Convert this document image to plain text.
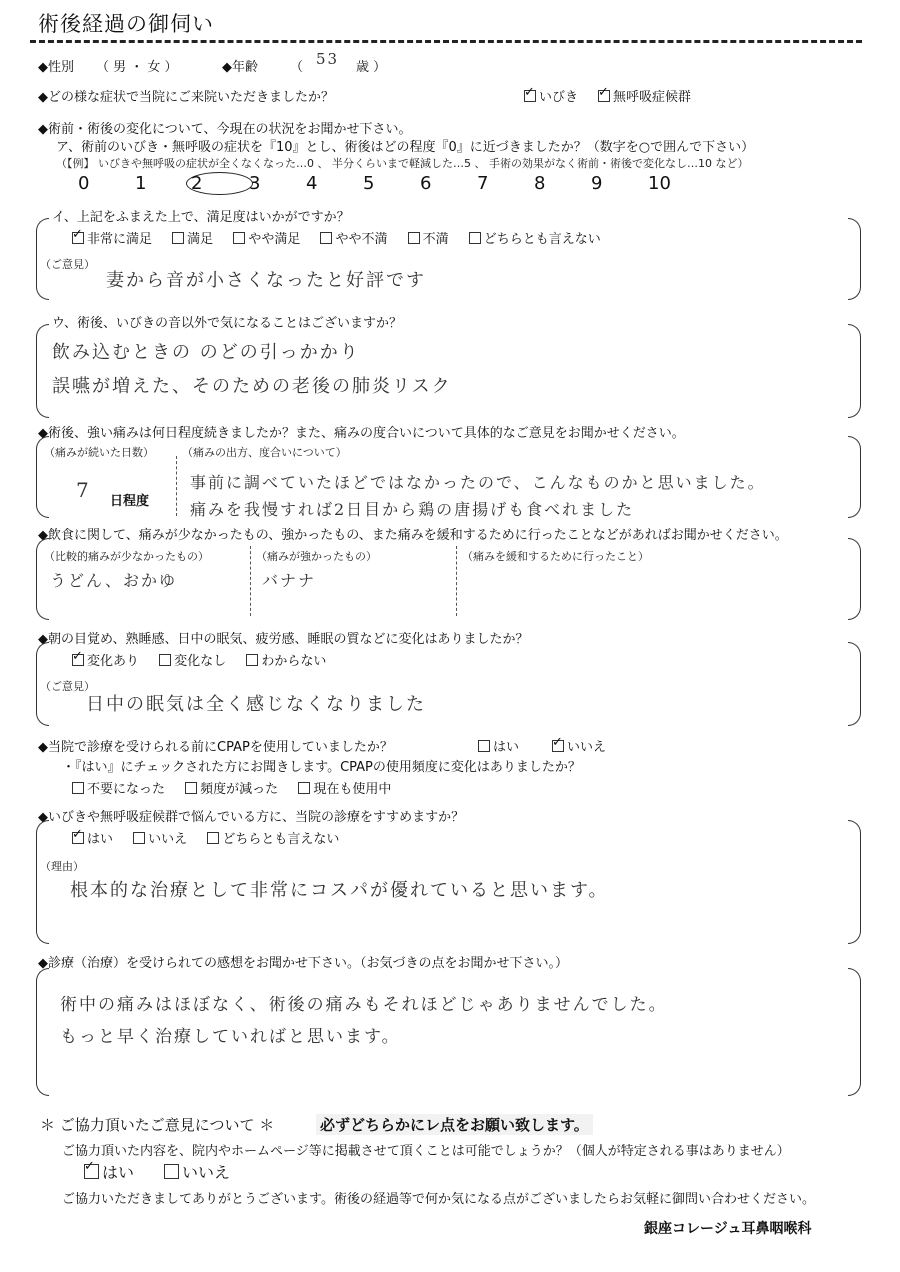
術後経過の御伺い
◆性別 （ 男 ・ 女 ）	◆年齢 （ 53 歳 ）
◆どの様な症状で当院にご来院いただきましたか？ ✓	いびき ✓	無呼吸症候群
◆術前・術後の変化について、今現在の状況をお聞かせ下さい。
ア、術前のいびき・無呼吸の症状を『10』とし、術後はどの程度『0』に近づきましたか？（数字を○で囲んで下さい）
（【例】 いびきや無呼吸の症状が全くなくなった…0 、 半分くらいまで軽減した…5 、 手術の効果がなく術前・術後で変化なし…10 など）
0	1 2	3	4	5	6	7	8	9	10
イ、上記をふまえた上で、満足度はいかがですか？
✓非常に満足	満足	やや満足	やや不満	不満	どちらとも言えない
（ご意見）
妻から音が小さくなったと好評です
ウ、術後、いびきの音以外で気になることはございますか？
飲み込むときの のどの引っかかり
誤嚥が増えた、そのための老後の肺炎リスク
◆術後、強い痛みは何日程度続きましたか？また、痛みの度合いについて具体的なご意見をお聞かせください。
（痛みが続いた日数）
7 日程度
（痛みの出方、度合いについて）
事前に調べていたほどではなかったので、こんなものかと思いました。
痛みを我慢すれば2日目から鶏の唐揚げも食べれました
◆飲食に関して、痛みが少なかったもの、強かったもの、また痛みを緩和するために行ったことなどがあればお聞かせください。
（比較的痛みが少なかったもの）
うどん、おかゆ
（痛みが強かったもの）
バナナ
（痛みを緩和するために行ったこと）
◆朝の目覚め、熟睡感、日中の眠気、疲労感、睡眠の質などに変化はありましたか？
✓変化あり	変化なし	わからない
（ご意見）
日中の眠気は全く感じなくなりました
◆当院で診療を受けられる前にCPAPを使用していましたか？	はい ✓	いいえ
・『はい』にチェックされた方にお聞きします。CPAPの使用頻度に変化はありましたか？
不要になった	頻度が減った	現在も使用中
◆いびきや無呼吸症候群で悩んでいる方に、当院の診療をすすめますか？
✓はい	いいえ	どちらとも言えない
（理由）
根本的な治療として非常にコスパが優れていると思います。
◆診療（治療）を受けられての感想をお聞かせ下さい。（お気づきの点をお聞かせ下さい。）
術中の痛みはほぼなく、術後の痛みもそれほどじゃありませんでした。
もっと早く治療していればと思います。
＊ ご協力頂いたご意見について ＊	必ずどちらかにレ点をお願い致します。
ご協力頂いた内容を、院内やホームページ等に掲載させて頂くことは可能でしょうか？（個人が特定される事はありません）
✓はい	いいえ
ご協力いただきましてありがとうございます。術後の経過等で何か気になる点がございましたらお気軽に御問い合わせください。
銀座コレージュ耳鼻咽喉科
